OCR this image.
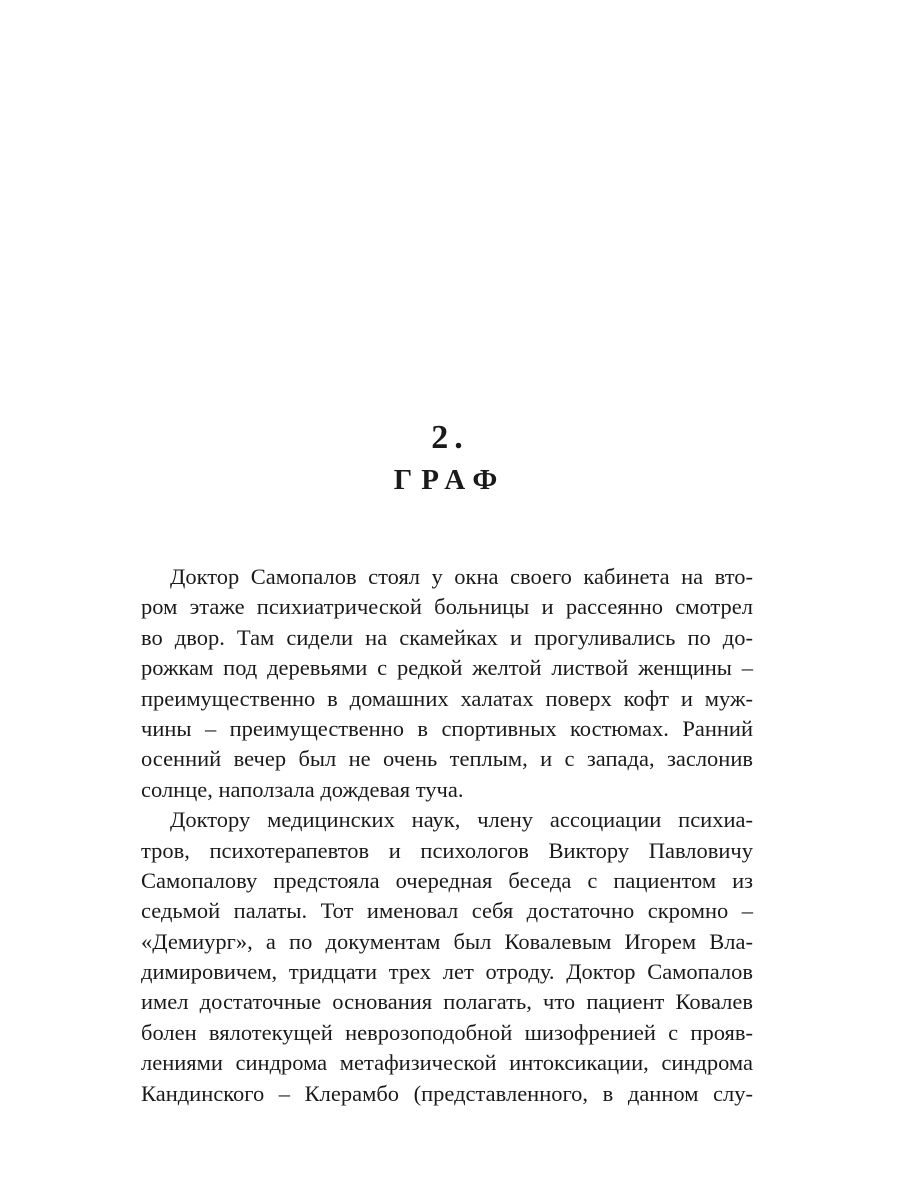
2.
ГРАФ
Доктор Самопалов стоял у окна своего кабинета на вто-
ром этаже психиатрической больницы и рассеянно смотрел
во двор. Там сидели на скамейках и прогуливались по до-
рожкам под деревьями с редкой желтой листвой женщины –
преимущественно в домашних халатах поверх кофт и муж-
чины – преимущественно в спортивных костюмах. Ранний
осенний вечер был не очень теплым, и с запада, заслонив
солнце, наползала дождевая туча.
Доктору медицинских наук, члену ассоциации психиа-
тров, психотерапевтов и психологов Виктору Павловичу
Самопалову предстояла очередная беседа с пациентом из
седьмой палаты. Тот именовал себя достаточно скромно –
«Демиург», а по документам был Ковалевым Игорем Вла-
димировичем, тридцати трех лет отроду. Доктор Самопалов
имел достаточные основания полагать, что пациент Ковалев
болен вялотекущей неврозоподобной шизофренией с прояв-
лениями синдрома метафизической интоксикации, синдрома
Кандинского – Клерамбо (представленного, в данном слу-
